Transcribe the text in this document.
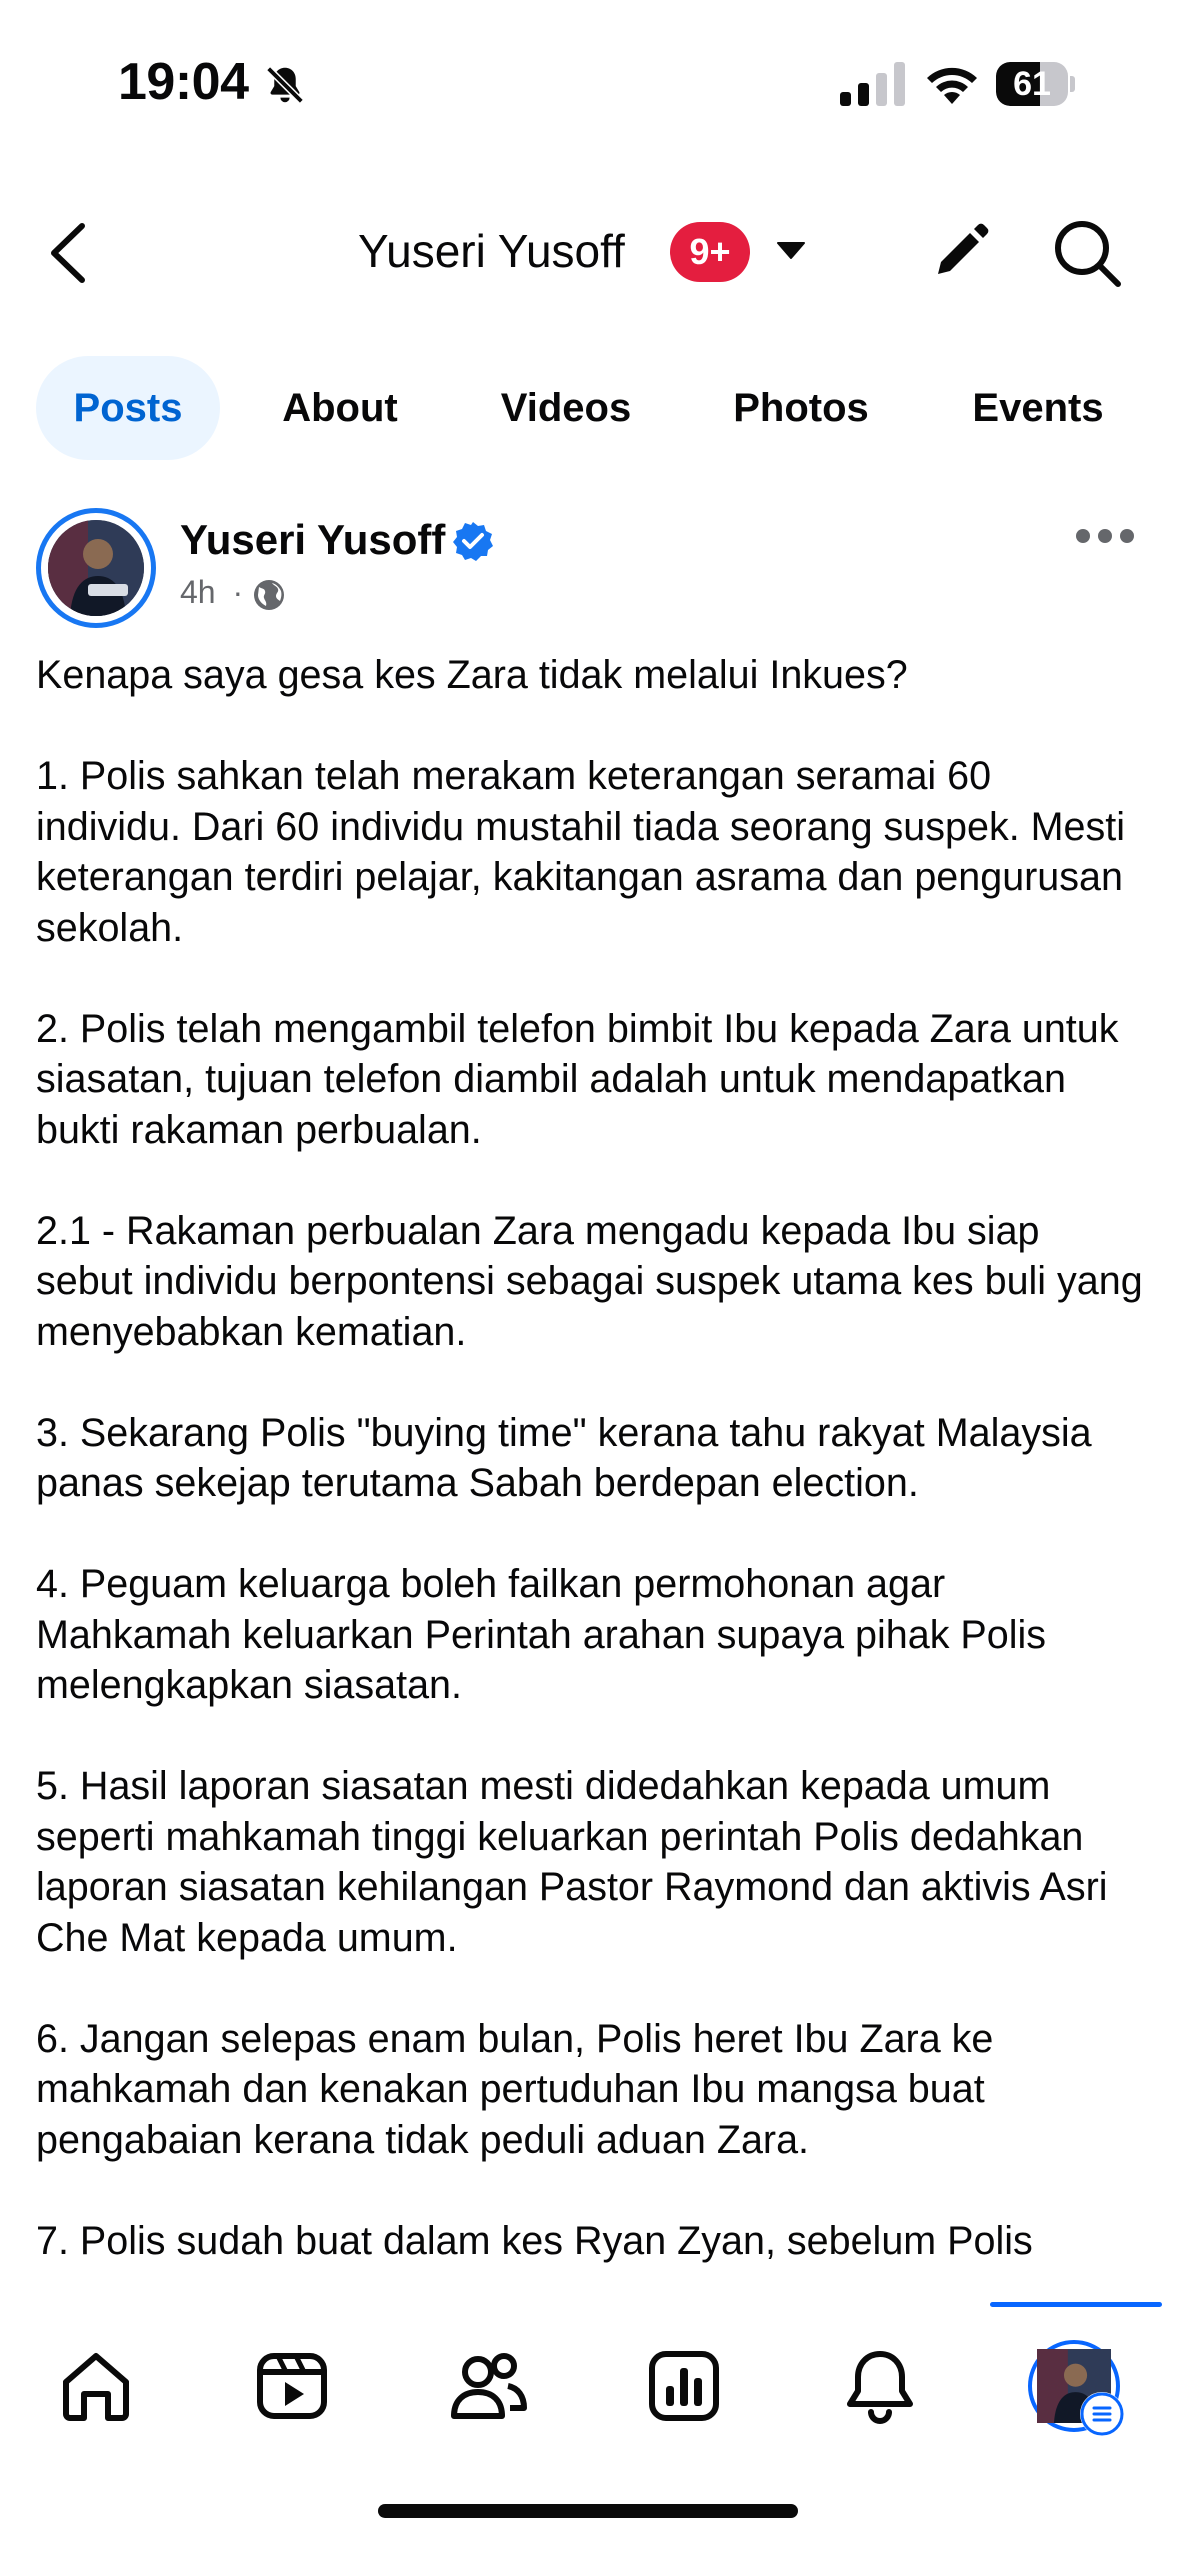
19:04	61
Yuseri Yusoff	9+
Posts	About	Videos	Photos	Events
Yuseri Yusoff
4h ·

Kenapa saya gesa kes Zara tidak melalui Inkues?

1. Polis sahkan telah merakam keterangan seramai 60 individu. Dari 60 individu mustahil tiada seorang suspek. Mesti keterangan terdiri pelajar, kakitangan asrama dan pengurusan sekolah.

2. Polis telah mengambil telefon bimbit Ibu kepada Zara untuk siasatan, tujuan telefon diambil adalah untuk mendapatkan bukti rakaman perbualan.

2.1 - Rakaman perbualan Zara mengadu kepada Ibu siap sebut individu berpontensi sebagai suspek utama kes buli yang menyebabkan kematian.

3. Sekarang Polis "buying time" kerana tahu rakyat Malaysia panas sekejap terutama Sabah berdepan election.

4. Peguam keluarga boleh failkan permohonan agar Mahkamah keluarkan Perintah arahan supaya pihak Polis melengkapkan siasatan.

5. Hasil laporan siasatan mesti didedahkan kepada umum seperti mahkamah tinggi keluarkan perintah Polis dedahkan laporan siasatan kehilangan Pastor Raymond dan aktivis Asri Che Mat kepada umum.

6. Jangan selepas enam bulan, Polis heret Ibu Zara ke mahkamah dan kenakan pertuduhan Ibu mangsa buat pengabaian kerana tidak peduli aduan Zara.

7. Polis sudah buat dalam kes Ryan Zyan, sebelum Polis
